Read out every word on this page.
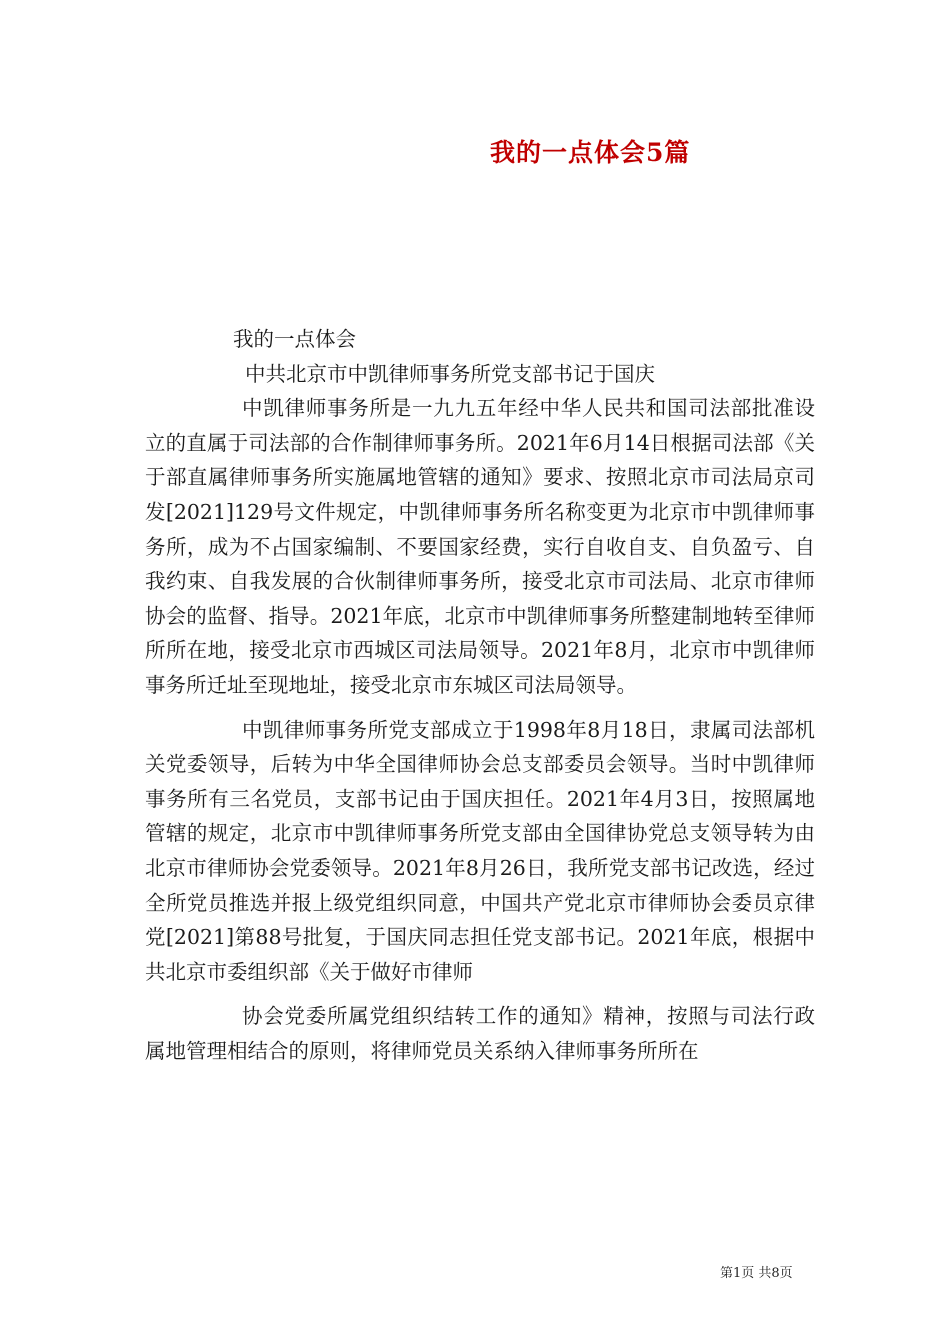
我的一点体会5篇

我的一点体会

中共北京市中凯律师事务所党支部书记于国庆

中凯律师事务所是一九九五年经中华人民共和国司法部批准设立的直属于司法部的合作制律师事务所。2021年6月14日根据司法部《关于部直属律师事务所实施属地管辖的通知》要求、按照北京市司法局京司发[2021]129号文件规定，中凯律师事务所名称变更为北京市中凯律师事务所，成为不占国家编制、不要国家经费，实行自收自支、自负盈亏、自我约束、自我发展的合伙制律师事务所，接受北京市司法局、北京市律师协会的监督、指导。2021年底，北京市中凯律师事务所整建制地转至律师所所在地，接受北京市西城区司法局领导。2021年8月，北京市中凯律师事务所迁址至现地址，接受北京市东城区司法局领导。

中凯律师事务所党支部成立于1998年8月18日，隶属司法部机关党委领导，后转为中华全国律师协会总支部委员会领导。当时中凯律师事务所有三名党员，支部书记由于国庆担任。2021年4月3日，按照属地管辖的规定，北京市中凯律师事务所党支部由全国律协党总支领导转为由北京市律师协会党委领导。2021年8月26日，我所党支部书记改选，经过全所党员推选并报上级党组织同意，中国共产党北京市律师协会委员京律党[2021]第88号批复，于国庆同志担任党支部书记。2021年底，根据中共北京市委组织部《关于做好市律师

协会党委所属党组织结转工作的通知》精神，按照与司法行政属地管理相结合的原则，将律师党员关系纳入律师事务所所在

第1页 共8页
